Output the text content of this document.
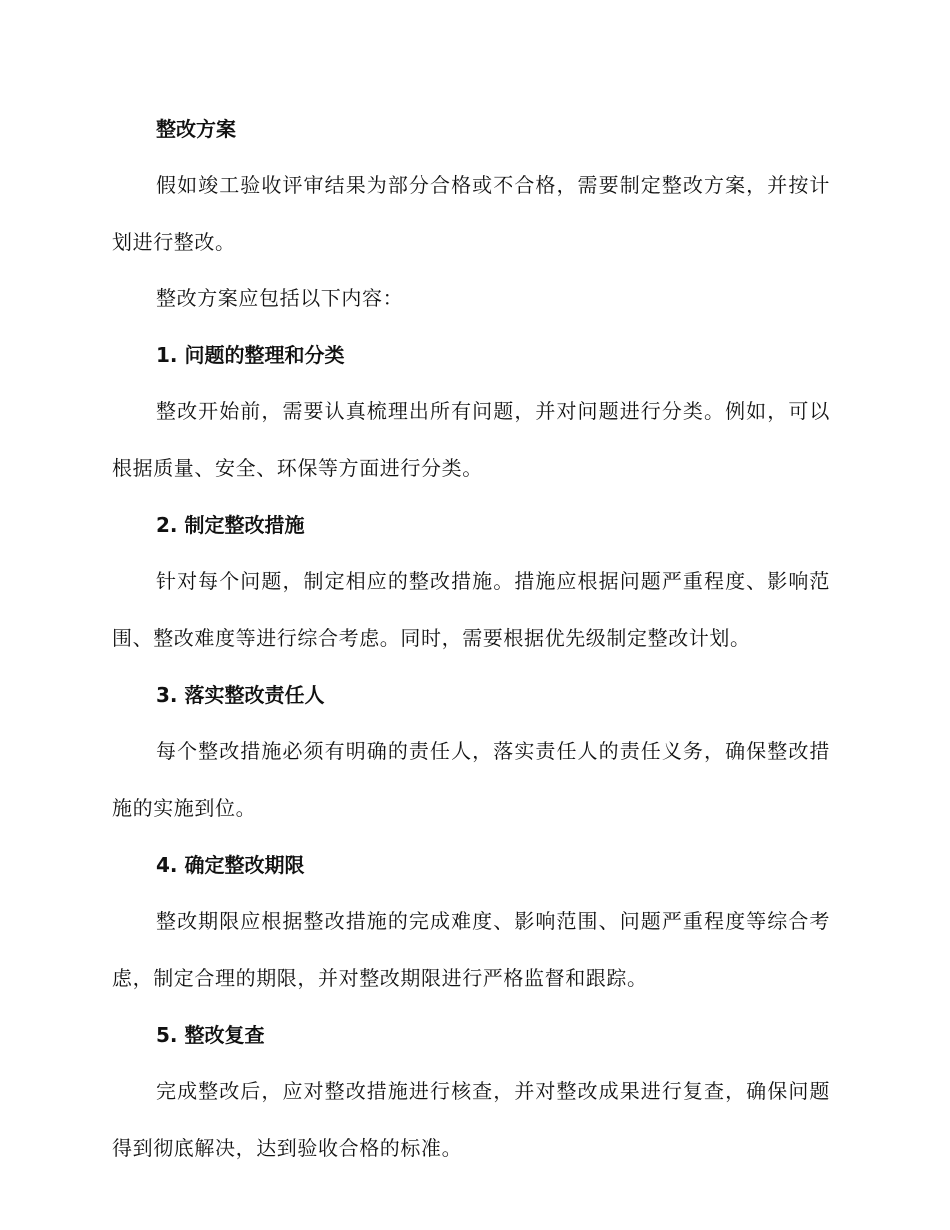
整改方案
假如竣工验收评审结果为部分合格或不合格，需要制定整改方案，并按计划进行整改。
整改方案应包括以下内容：
1. 问题的整理和分类
整改开始前，需要认真梳理出所有问题，并对问题进行分类。例如，可以根据质量、安全、环保等方面进行分类。
2. 制定整改措施
针对每个问题，制定相应的整改措施。措施应根据问题严重程度、影响范围、整改难度等进行综合考虑。同时，需要根据优先级制定整改计划。
3. 落实整改责任人
每个整改措施必须有明确的责任人，落实责任人的责任义务，确保整改措施的实施到位。
4. 确定整改期限
整改期限应根据整改措施的完成难度、影响范围、问题严重程度等综合考虑，制定合理的期限，并对整改期限进行严格监督和跟踪。
5. 整改复查
完成整改后，应对整改措施进行核查，并对整改成果进行复查，确保问题得到彻底解决，达到验收合格的标准。
